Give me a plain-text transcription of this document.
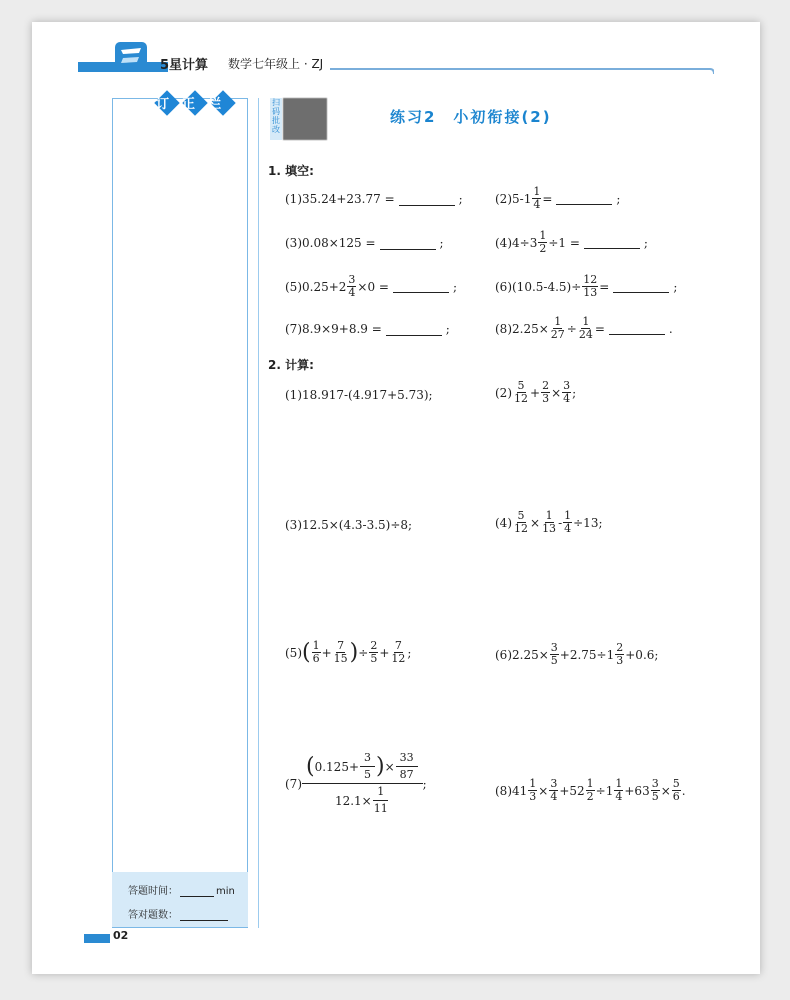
5星计算 数学七年级上 · ZJ
订正栏
答题时间：	min
答对题数：
扫码批改
练习2　小初衔接(2)
1. 填空:
(1) 35.24+23.77 =	;	(2) $5-1 \frac{1}{4}$ =	;
(3) 0.08×125 =	;	(4) $4\div 3 \frac{1}{2} \div 1$ =	;
(5) $0.25+2 \frac{3}{4} \times 0$ =	;	(6) $(10.5-4.5)\div \frac{12}{13}$ =	;
(7) 8.9×9+8.9 =	;	(8) $2.25\times \frac{1}{27} \div \frac{1}{24}$ =	.
2. 计算:
(1) 18.917-(4.917+5.73);	$(2) \frac{5}{12} + \frac{2}{3} \times \frac{3}{4}$ ;
(3) 12.5×(4.3-3.5)÷8;	$(4) \frac{5}{12} \times \frac{1}{13} - \frac{1}{4} \div 13$ ;
(5) ( $\frac{1}{6} + \frac{7}{15}$ ) ÷ $\frac{2}{5} + \frac{7}{12}$ ;	(6) $2.25\times \frac{3}{5} +2.75\div 1 \frac{2}{3} +0.6$ ;
(7)
( $0.125+ \frac{3}{5}$ ) × $\frac{33}{87}$
$12.1\times \frac{1}{11}$
;	(8) $41 \frac{1}{3} \times \frac{3}{4} +52 \frac{1}{2} \div 1 \frac{1}{4} +63 \frac{3}{5} \times \frac{5}{6}$ .
02
